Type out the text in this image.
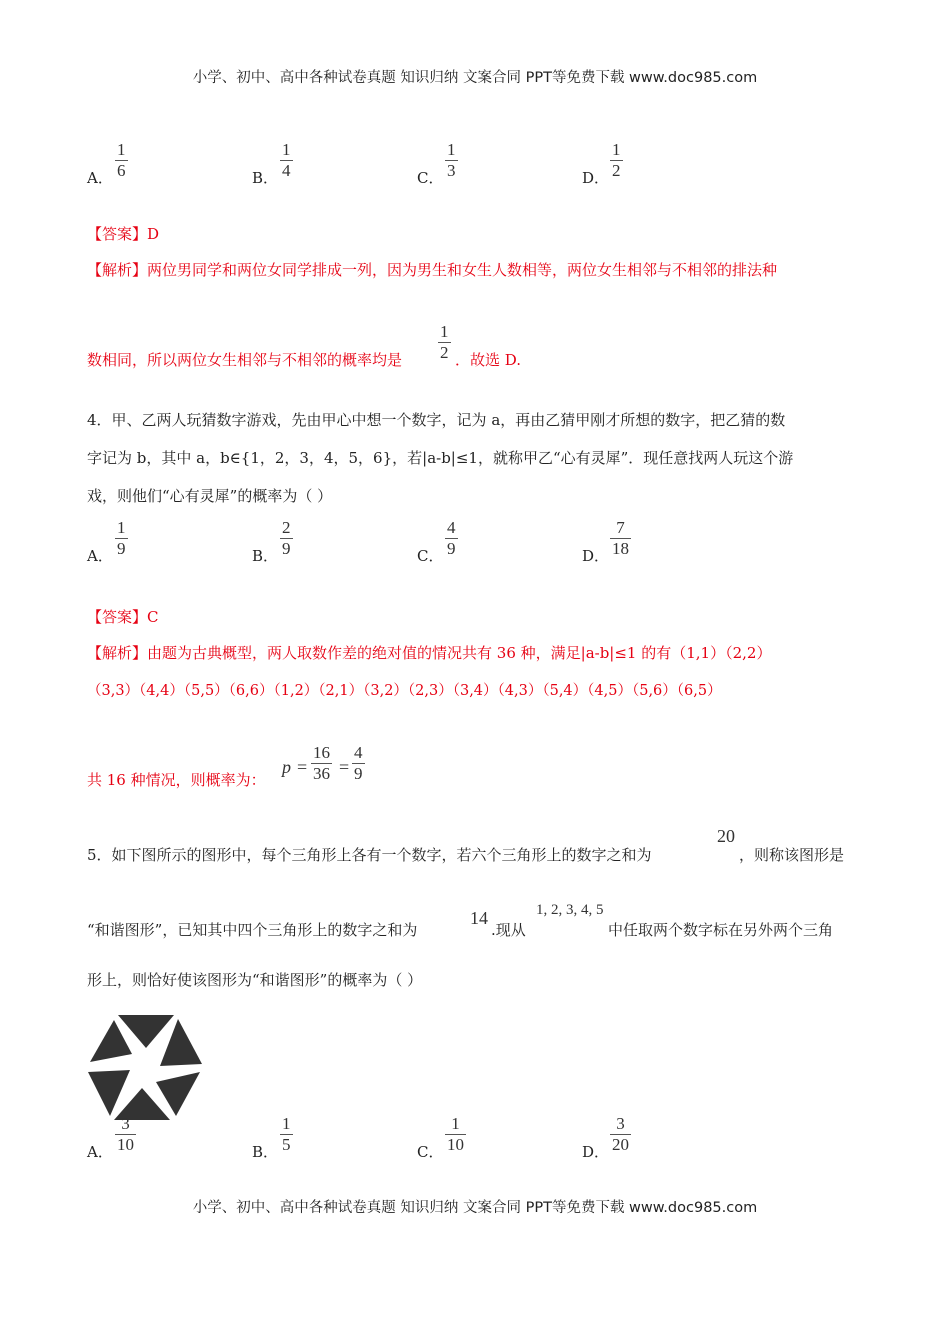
小学、初中、高中各种试卷真题 知识归纳 文案合同 PPT等免费下载 www.doc985.com
A． $\frac{1}{6}$	B． $\frac{1}{4}$	C． $\frac{1}{3}$	D． $\frac{1}{2}$
【答案】D
【解析】两位男同学和两位女同学排成一列，因为男生和女生人数相等，两位女生相邻与不相邻的排法种
数相同，所以两位女生相邻与不相邻的概率均是 $\frac{1}{2}$ ．故选 D.
4．甲、乙两人玩猜数字游戏，先由甲心中想一个数字，记为 a，再由乙猜甲刚才所想的数字，把乙猜的数
字记为 b，其中 a，b∈{1，2，3，4，5，6}，若|a-b|≤1，就称甲乙“心有灵犀”．现任意找两人玩这个游
戏，则他们“心有灵犀”的概率为（ ）
A． $\frac{1}{9}$	B． $\frac{2}{9}$	C． $\frac{4}{9}$	D． $\frac{7}{18}$
【答案】C
【解析】由题为古典概型，两人取数作差的绝对值的情况共有 36 种，满足|a-b|≤1 的有（1,1）（2,2）
（3,3）（4,4）（5,5）（6,6）（1,2）（2,1）（3,2）（2,3）（3,4）（4,3）（5,4）（4,5）（5,6）（6,5）
共 16 种情况，则概率为：
$p = \frac{16}{36} = \frac{4}{9}$
5．如下图所示的图形中，每个三角形上各有一个数字，若六个三角形上的数字之和为
20
，则称该图形是
“和谐图形”，已知其中四个三角形上的数字之和为
14
.现从
1, 2, 3, 4, 5
中任取两个数字标在另外两个三角
形上，则恰好使该图形为“和谐图形”的概率为（ ）
A． $\frac{3}{10}$	B． $\frac{1}{5}$	C． $\frac{1}{10}$	D． $\frac{3}{20}$
小学、初中、高中各种试卷真题 知识归纳 文案合同 PPT等免费下载 www.doc985.com
